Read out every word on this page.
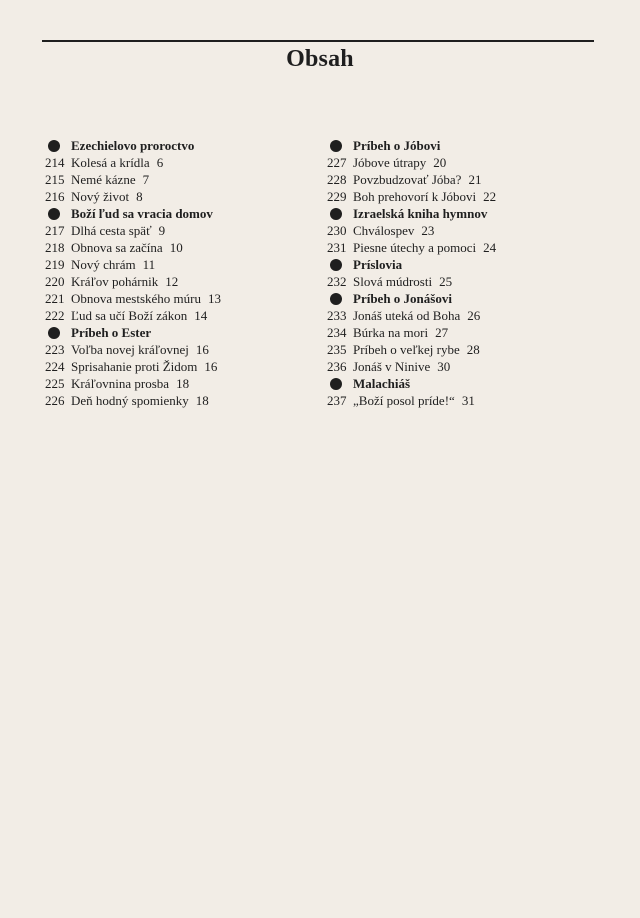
Obsah
Ezechielovo proroctvo
214 Kolesá a krídla 6
215 Nemé kázne 7
216 Nový život 8
Boží ľud sa vracia domov
217 Dlhá cesta späť 9
218 Obnova sa začína 10
219 Nový chrám 11
220 Kráľov pohárnik 12
221 Obnova mestského múru 13
222 Ľud sa učí Boží zákon 14
Príbeh o Ester
223 Voľba novej kráľovnej 16
224 Sprisahanie proti Židom 16
225 Kráľovnina prosba 18
226 Deň hodný spomienky 18
Príbeh o Jóbovi
227 Jóbove útrapy 20
228 Povzbudzovať Jóba? 21
229 Boh prehovorí k Jóbovi 22
Izraelská kniha hymnov
230 Chválospev 23
231 Piesne útechy a pomoci 24
Príslovia
232 Slová múdrosti 25
Príbeh o Jonášovi
233 Jonáš uteká od Boha 26
234 Búrka na mori 27
235 Príbeh o veľkej rybe 28
236 Jonáš v Ninive 30
Malachiáš
237 „Boží posol príde!“ 31
